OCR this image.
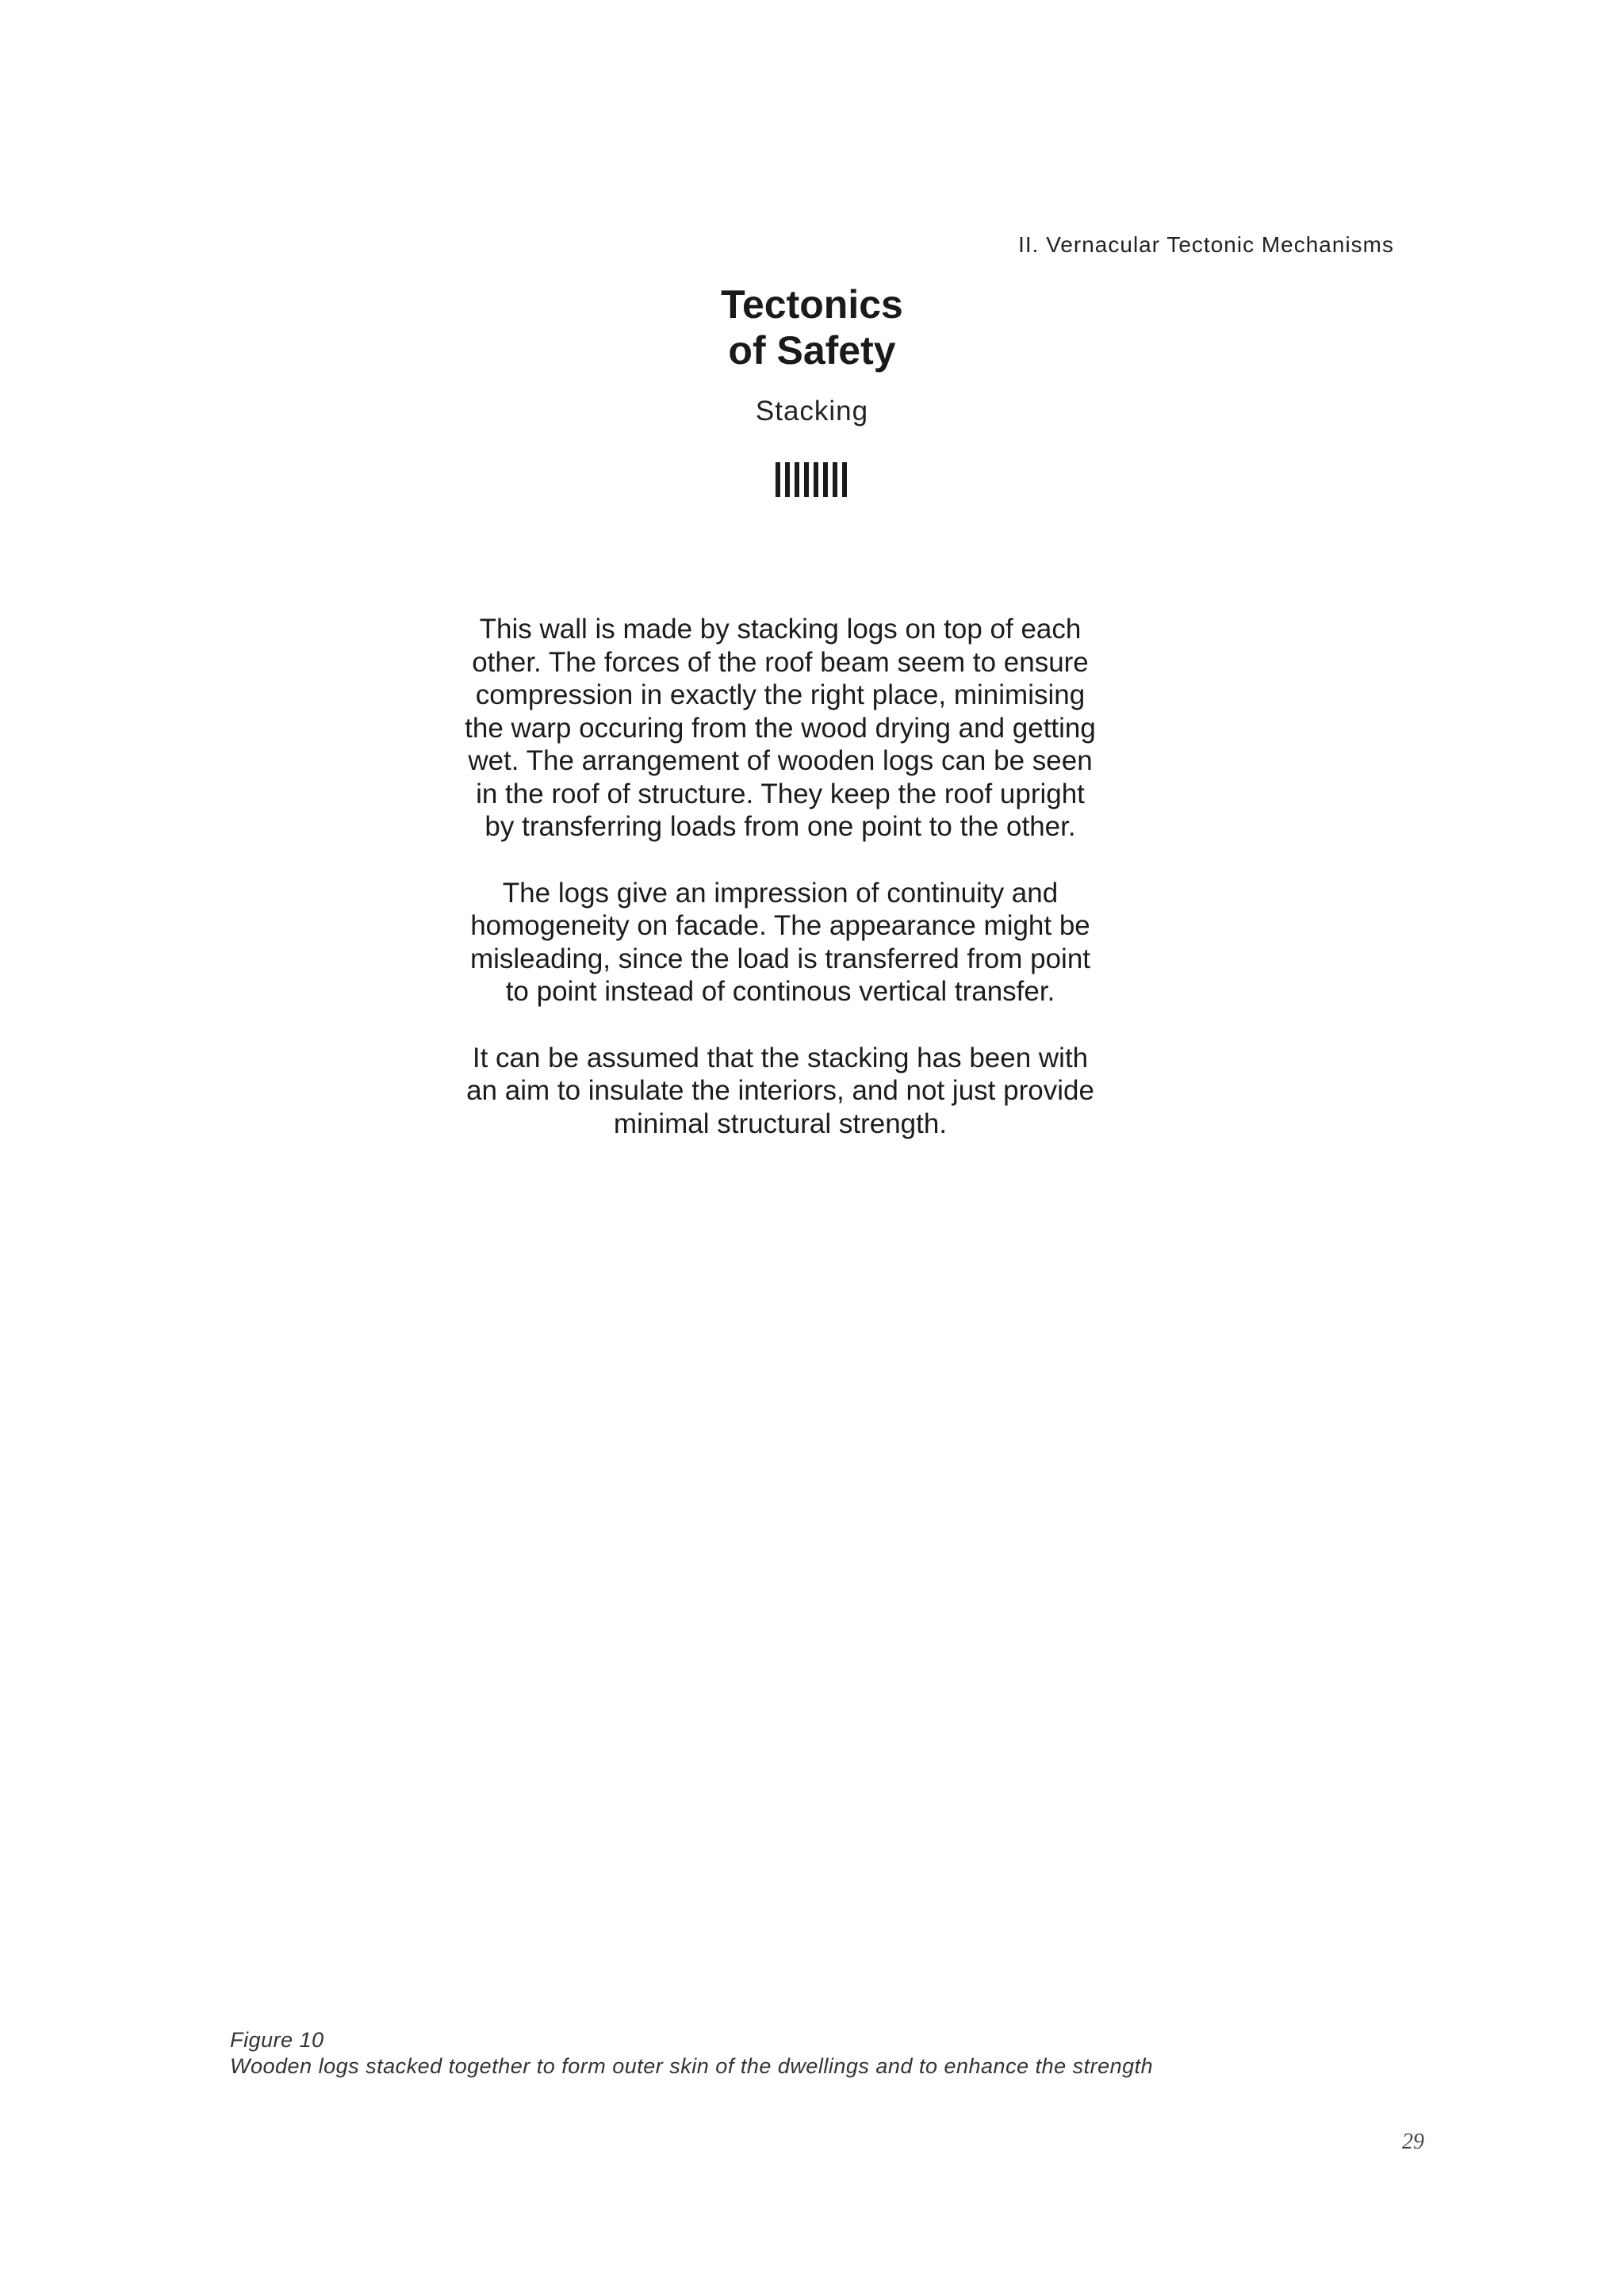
II. Vernacular Tectonic Mechanisms
Tectonics
of Safety
Stacking

This wall is made by stacking logs on top of each other. The forces of the roof beam seem to ensure compression in exactly the right place, minimising the warp occuring from the wood drying and getting wet. The arrangement of wooden logs can be seen in the roof of structure. They keep the roof upright by transferring loads from one point to the other.

The logs give an impression of continuity and homogeneity on facade. The appearance might be misleading, since the load is transferred from point to point instead of continous vertical transfer.

It can be assumed that the stacking has been with an aim to insulate the interiors, and not just provide minimal structural strength.

Figure 10
Wooden logs stacked together to form outer skin of the dwellings and to enhance the strength
29
